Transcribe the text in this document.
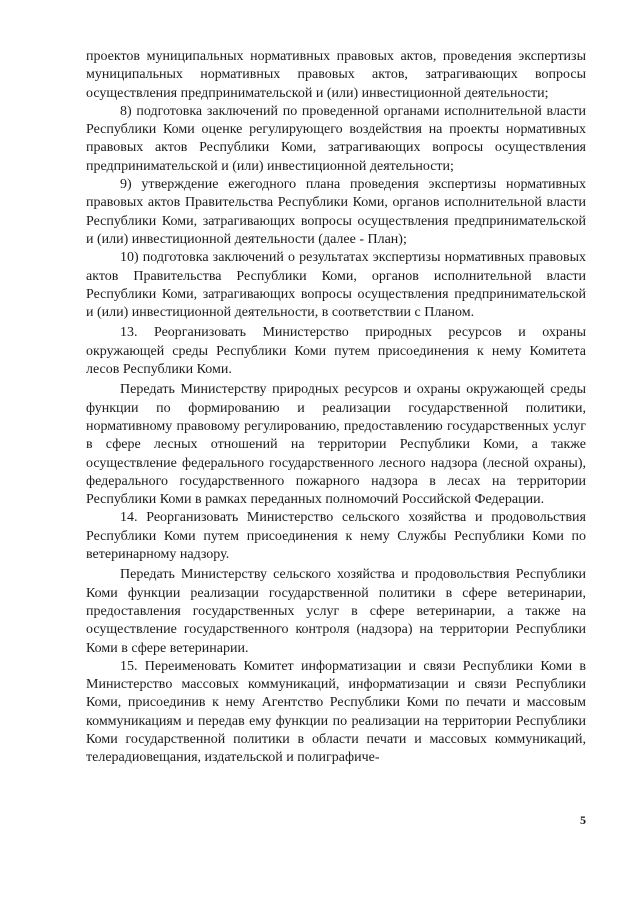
проектов муниципальных нормативных правовых актов, проведения экспертизы муниципальных нормативных правовых актов, затрагивающих вопросы осуществления предпринимательской и (или) инвестиционной деятельности;

8) подготовка заключений по проведенной органами исполнительной власти Республики Коми оценке регулирующего воздействия на проекты нормативных правовых актов Республики Коми, затрагивающих вопросы осуществления предпринимательской и (или) инвестиционной деятельности;

9) утверждение ежегодного плана проведения экспертизы нормативных правовых актов Правительства Республики Коми, органов исполнительной власти Республики Коми, затрагивающих вопросы осуществления предпринимательской и (или) инвестиционной деятельности (далее - План);

10) подготовка заключений о результатах экспертизы нормативных правовых актов Правительства Республики Коми, органов исполнительной власти Республики Коми, затрагивающих вопросы осуществления предпринимательской и (или) инвестиционной деятельности, в соответствии с Планом.

13. Реорганизовать Министерство природных ресурсов и охраны окружающей среды Республики Коми путем присоединения к нему Комитета лесов Республики Коми.

Передать Министерству природных ресурсов и охраны окружающей среды функции по формированию и реализации государственной политики, нормативному правовому регулированию, предоставлению государственных услуг в сфере лесных отношений на территории Республики Коми, а также осуществление федерального государственного лесного надзора (лесной охраны), федерального государственного пожарного надзора в лесах на территории Республики Коми в рамках переданных полномочий Российской Федерации.

14. Реорганизовать Министерство сельского хозяйства и продовольствия Республики Коми путем присоединения к нему Службы Республики Коми по ветеринарному надзору.

Передать Министерству сельского хозяйства и продовольствия Республики Коми функции реализации государственной политики в сфере ветеринарии, предоставления государственных услуг в сфере ветеринарии, а также на осуществление государственного контроля (надзора) на территории Республики Коми в сфере ветеринарии.

15. Переименовать Комитет информатизации и связи Республики Коми в Министерство массовых коммуникаций, информатизации и связи Республики Коми, присоединив к нему Агентство Республики Коми по печати и массовым коммуникациям и передав ему функции по реализации на территории Республики Коми государственной политики в области печати и массовых коммуникаций, телерадиовещания, издательской и полиграфиче-

5
